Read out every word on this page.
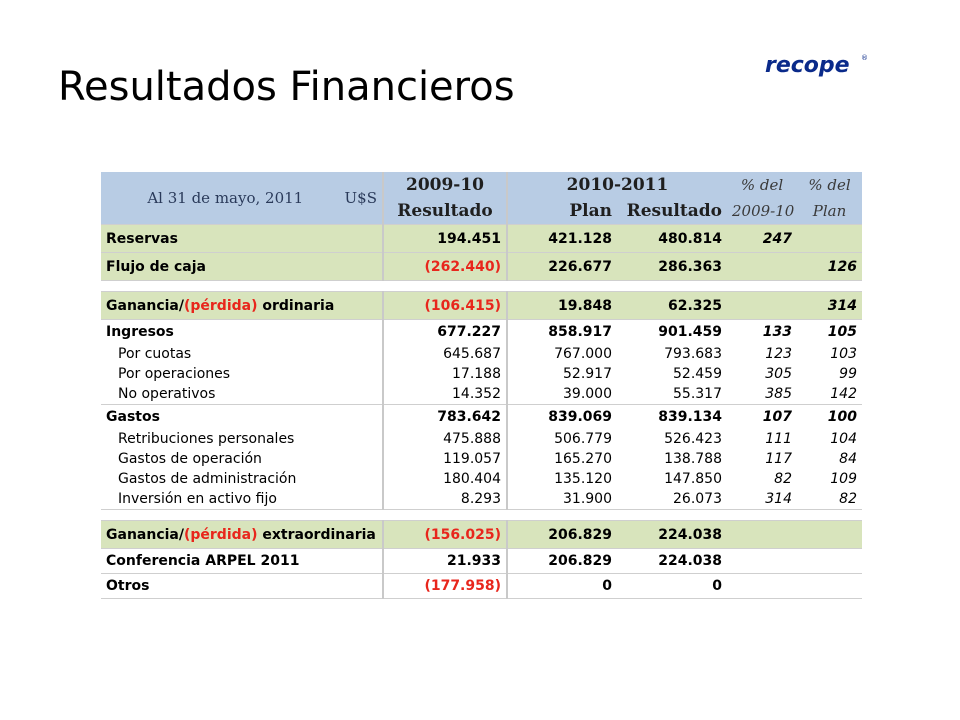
Resultados Financieros	recope ®
Al 31 de mayo, 2011 U$S	2009-10	2010-2011		% del	% del
	Resultado	Plan	Resultado	2009-10	Plan
Reservas	194.451	421.128	480.814	247	
Flujo de caja	(262.440)	226.677	286.363		126

Ganancia/(pérdida) ordinaria	(106.415)	19.848	62.325		314
Ingresos	677.227	858.917	901.459	133	105
Por cuotas	645.687	767.000	793.683	123	103
Por operaciones	17.188	52.917	52.459	305	99
No operativos	14.352	39.000	55.317	385	142
Gastos	783.642	839.069	839.134	107	100
Retribuciones personales	475.888	506.779	526.423	111	104
Gastos de operación	119.057	165.270	138.788	117	84
Gastos de administración	180.404	135.120	147.850	82	109
Inversión en activo fijo	8.293	31.900	26.073	314	82

Ganancia/(pérdida) extraordinaria	(156.025)	206.829	224.038		
Conferencia ARPEL 2011	21.933	206.829	224.038		
Otros	(177.958)	0	0		
